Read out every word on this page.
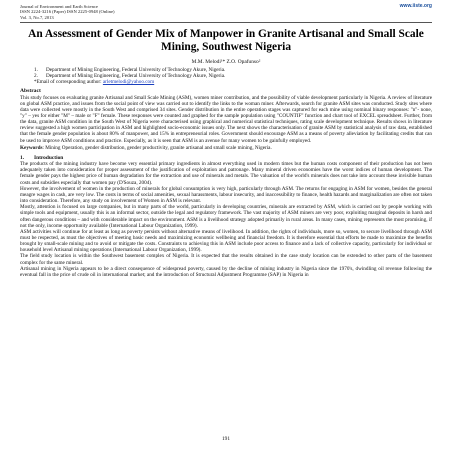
Journal of Environment and Earth Science	www.iiste.org
ISSN 2224-3216 (Paper) ISSN 2225-0948 (Online)
Vol. 3, No.7, 2013
An Assessment of Gender Mix of Manpower in Granite Artisanal and Small Scale Mining, Southwest Nigeria
M.M. Melodi¹* Z.O. Opafunso²
1. Department of Mining Engineering, Federal University of Technology Akure, Nigeria.
2. Department of Mining Engineering, Federal University of Technology Akure, Nigeria.
*Email of corresponding author: arletmelodi@yahoo.com
Abstract

This study focuses on evaluating granite Artisanal and Small Scale Mining (ASM), women miner contribution, and the possibility of viable development particularly in Nigeria. A review of literature on global ASM practice, and issues from the social point of view was carried out to identify the links to the woman miner. Afterwards, search for granite ASM sites was conducted. Study sites where data were collected were mostly in the South West and comprised 34 sites. Gender distribution in the entire operation stages was captured for each mine using nominal binary responses: "n"- none, "y" – yes for either "M" – male or "F" female. These responses were counted and graphed for the sample population using "COUNTIF" function and chart tool of EXCEL spreadsheet. Further, from the data, granite ASM condition in the South West of Nigeria were characterised using graphical and numerical statistical techniques, rating scale development technique. Results shows in literature review suggested a high women participation in ASM and highlighted socio-economic issues only. The next shows the characterisation of granite ASM by statistical analysis of raw data, established that the female gender population is about 80% of manpower, and 15% in entrepreneurial roles. Government should encourage ASM as a means of poverty alleviation by facilitating credits that can be used to improve ASM conditions and practice. Especially, as it is seen that ASM is an avenue for many women to be gainfully employed.

Keywords: Mining Operation, gender distribution, gender productivity, granite artisanal and small scale mining, Nigeria.

1. Introduction

The products of the mining industry have become very essential primary ingredients in almost everything used in modern times but the human costs component of their production has not been adequately taken into consideration for proper assessment of the justification of exploitation and patronage. Many mineral driven economies have the worst indices of human development. The female gender pays the highest price of human degradation for the extraction and use of minerals and metals. The valuation of the world's minerals does not take into account these invisible human costs and subsidies especially that women pay (D'Souza, 2004).

However, the involvement of women in the production of minerals for global consumption is very high, particularly through ASM. The returns for engaging in ASM for women, besides the general meagre wages in cash, are very low. The costs in terms of social amenities, sexual harassments, labour insecurity, and inaccessibility to finance, health hazards and marginalization are often not taken into consideration. Therefore, any study on involvement of Women in ASM is relevant.

Mostly, attention is focused on large companies, but in many parts of the world, particularly in developing countries, minerals are extracted by ASM, which is carried out by people working with simple tools and equipment, usually this is an informal sector, outside the legal and regulatory framework. The vast majority of ASM miners are very poor, exploiting marginal deposits in harsh and often dangerous conditions – and with considerable impact on the environment. ASM is a livelihood strategy adopted primarily in rural areas. In many cases, mining represents the most promising, if not the only, income opportunity available (International Labour Organization, 1999).

ASM activities will continue for at least as long as poverty persists without alternative means of livelihood. In addition, the rights of individuals, more so, women, to secure livelihood through ASM must be respected, as must the objectives of meeting basic needs and maximizing economic wellbeing and financial freedom. It is therefore essential that efforts be made to maximize the benefits brought by small-scale mining and to avoid or mitigate the costs. Constraints to achieving this in ASM include poor access to finance and a lack of collective capacity, particularly for individual or household level Artisanal mining operations (International Labour Organization, 1999).

The field study location is within the Southwest basement complex of Nigeria. It is expected that the results obtained in the case study location can be extended to other parts of the basement complex for the same mineral.

Artisanal mining in Nigeria appears to be a direct consequence of widespread poverty, caused by the decline of mining industry in Nigeria since the 1970's, dwindling oil revenue following the eventual fall in the price of crude oil in international market; and the introduction of Structural Adjustment Programme (SAP) in Nigeria in

191
